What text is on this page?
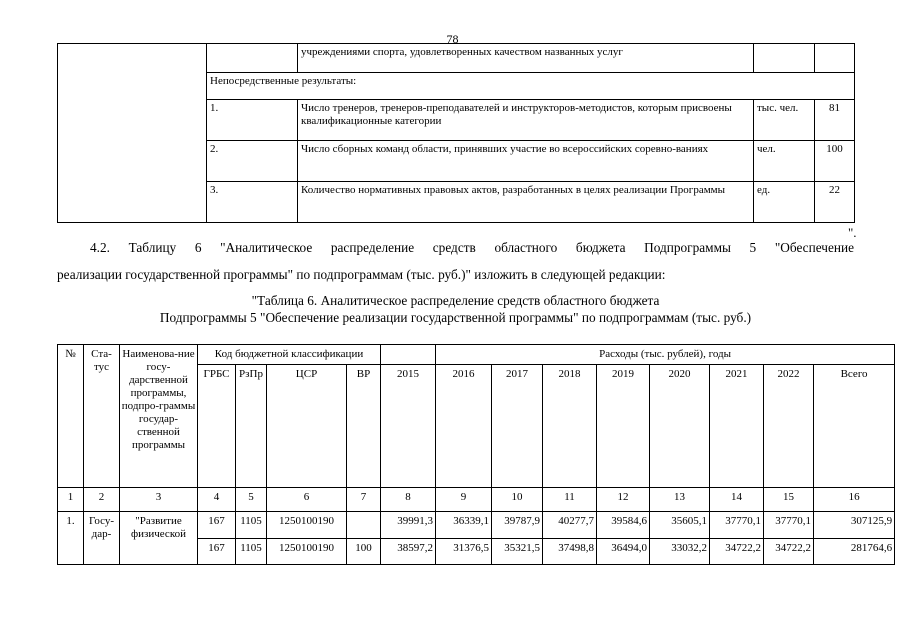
78
		учреждениями спорта, удовлетворенных качеством названных услуг		
	Непосредственные результаты:			
	1.	Число тренеров, тренеров-преподавателей и инструкторов-методистов, которым присвоены квалификационные категории	тыс. чел.	81
	2.	Число сборных команд области, принявших участие во всероссийских соревно-ваниях	чел.	100
	3.	Количество нормативных правовых актов, разработанных в целях реализации Программы	ед.	22
".
4.2. Таблицу 6 "Аналитическое распределение средств областного бюджета Подпрограммы 5 "Обеспечение
реализации государственной программы" по подпрограммам (тыс. руб.)" изложить в следующей редакции:
"Таблица 6. Аналитическое распределение средств областного бюджета
Подпрограммы 5 "Обеспечение реализации государственной программы" по подпрограммам (тыс. руб.)
№	Ста-тус	Наименова-ние госу-дарственной программы, подпро-граммы государ-ственной программы	Код бюджетной классификации					Расходы (тыс. рублей), годы							
			ГРБС	РзПр	ЦСР	ВР	2015	2016	2017	2018	2019	2020	2021	2022	Всего
1	2	3	4	5	6	7	8	9	10	11	12	13	14	15	16
1.	Госу-дар-	"Развитие физической	167	1105	1250100190		39991,3	36339,1	39787,9	40277,7	39584,6	35605,1	37770,1	37770,1	307125,9
			167	1105	1250100190	100	38597,2	31376,5	35321,5	37498,8	36494,0	33032,2	34722,2	34722,2	281764,6
